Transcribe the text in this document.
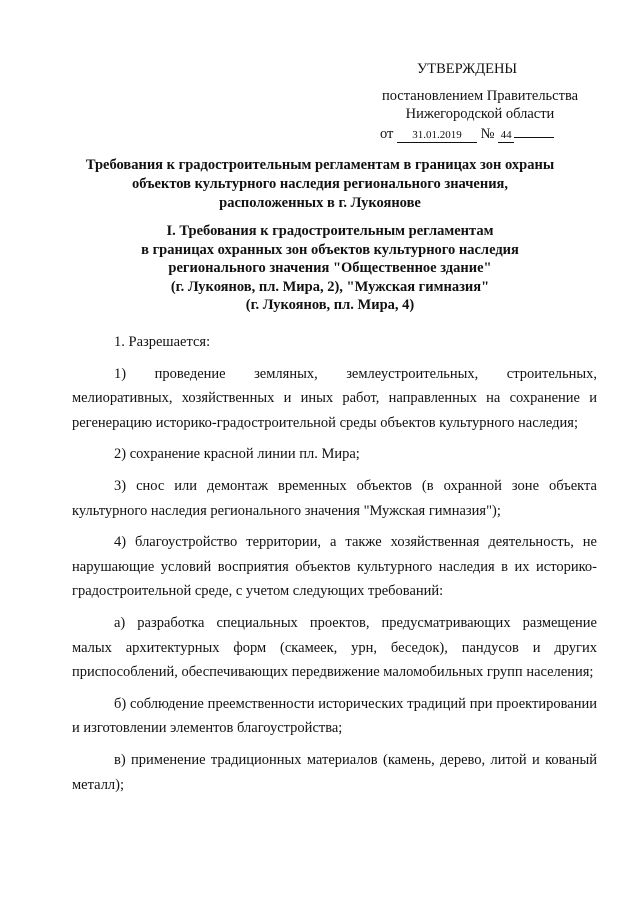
УТВЕРЖДЕНЫ
постановлением Правительства
Нижегородской области
от 31.01.2019 № 44
Требования к градостроительным регламентам в границах зон охраны
объектов культурного наследия регионального значения,
расположенных в г. Лукоянове
I. Требования к градостроительным регламентам
в границах охранных зон объектов культурного наследия
регионального значения "Общественное здание"
(г. Лукоянов, пл. Мира, 2), "Мужская гимназия"
(г. Лукоянов, пл. Мира, 4)

1. Разрешается:

1) проведение земляных, землеустроительных, строительных, мелиоративных, хозяйственных и иных работ, направленных на сохранение и регенерацию историко-градостроительной среды объектов культурного наследия;

2) сохранение красной линии пл. Мира;

3) снос или демонтаж временных объектов (в охранной зоне объекта культурного наследия регионального значения "Мужская гимназия");

4) благоустройство территории, а также хозяйственная деятельность, не нарушающие условий восприятия объектов культурного наследия в их историко-градостроительной среде, с учетом следующих требований:

а) разработка специальных проектов, предусматривающих размещение малых архитектурных форм (скамеек, урн, беседок), пандусов и других приспособлений, обеспечивающих передвижение маломобильных групп населения;

б) соблюдение преемственности исторических традиций при проектировании и изготовлении элементов благоустройства;

в) применение традиционных материалов (камень, дерево, литой и кованый металл);
